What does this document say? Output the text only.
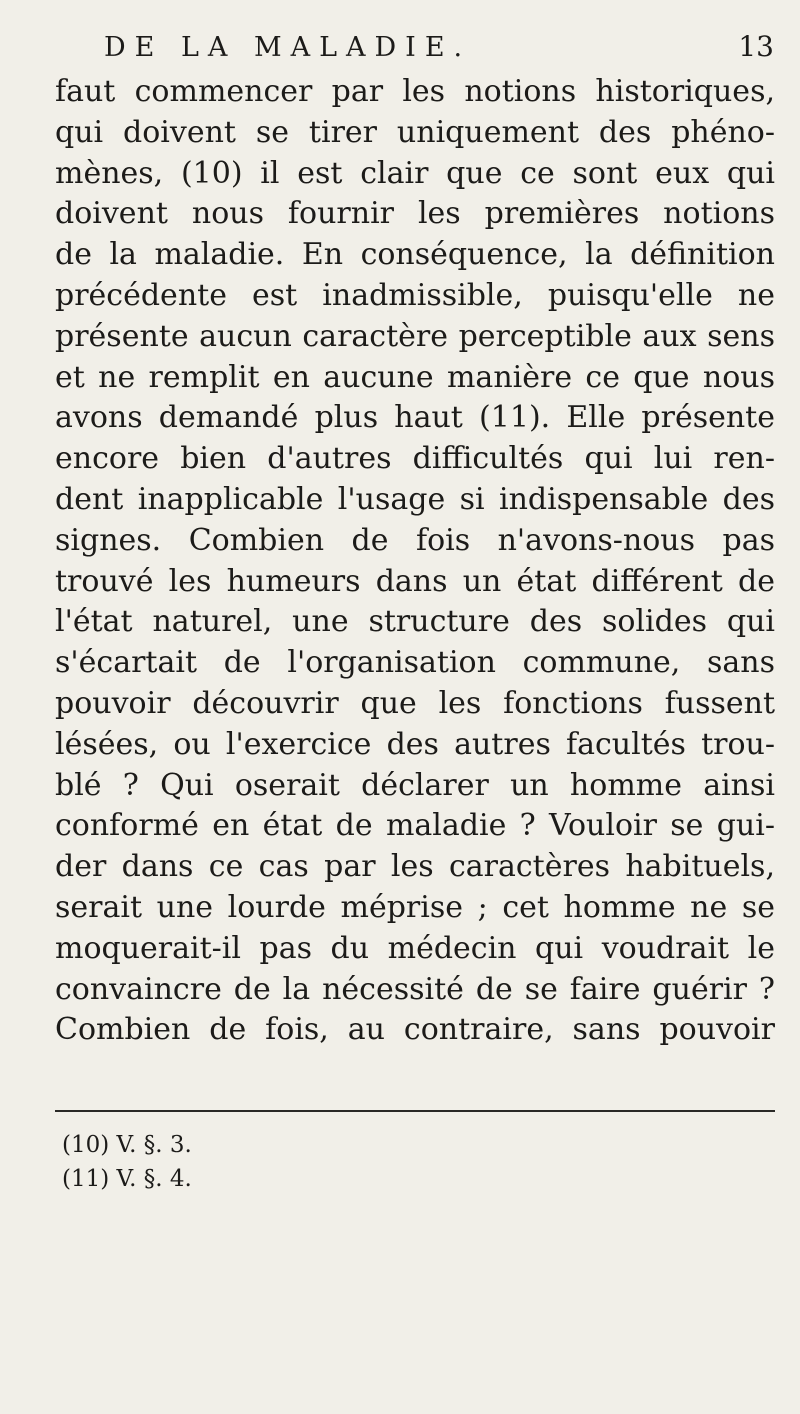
DE LA MALADIE.	13
faut commencer par les notions historiques,
qui doivent se tirer uniquement des phéno-
mènes, (10) il est clair que ce sont eux qui
doivent nous fournir les premières notions
de la maladie. En conséquence, la définition
précédente est inadmissible, puisqu'elle ne
présente aucun caractère perceptible aux sens
et ne remplit en aucune manière ce que nous
avons demandé plus haut (11). Elle présente
encore bien d'autres difficultés qui lui ren-
dent inapplicable l'usage si indispensable des
signes. Combien de fois n'avons-nous pas
trouvé les humeurs dans un état différent de
l'état naturel, une structure des solides qui
s'écartait de l'organisation commune, sans
pouvoir découvrir que les fonctions fussent
lésées, ou l'exercice des autres facultés trou-
blé ? Qui oserait déclarer un homme ainsi
conformé en état de maladie ? Vouloir se gui-
der dans ce cas par les caractères habituels,
serait une lourde méprise ; cet homme ne se
moquerait-il pas du médecin qui voudrait le
convaincre de la nécessité de se faire guérir ?
Combien de fois, au contraire, sans pouvoir
(10) V. §. 3.
(11) V. §. 4.
